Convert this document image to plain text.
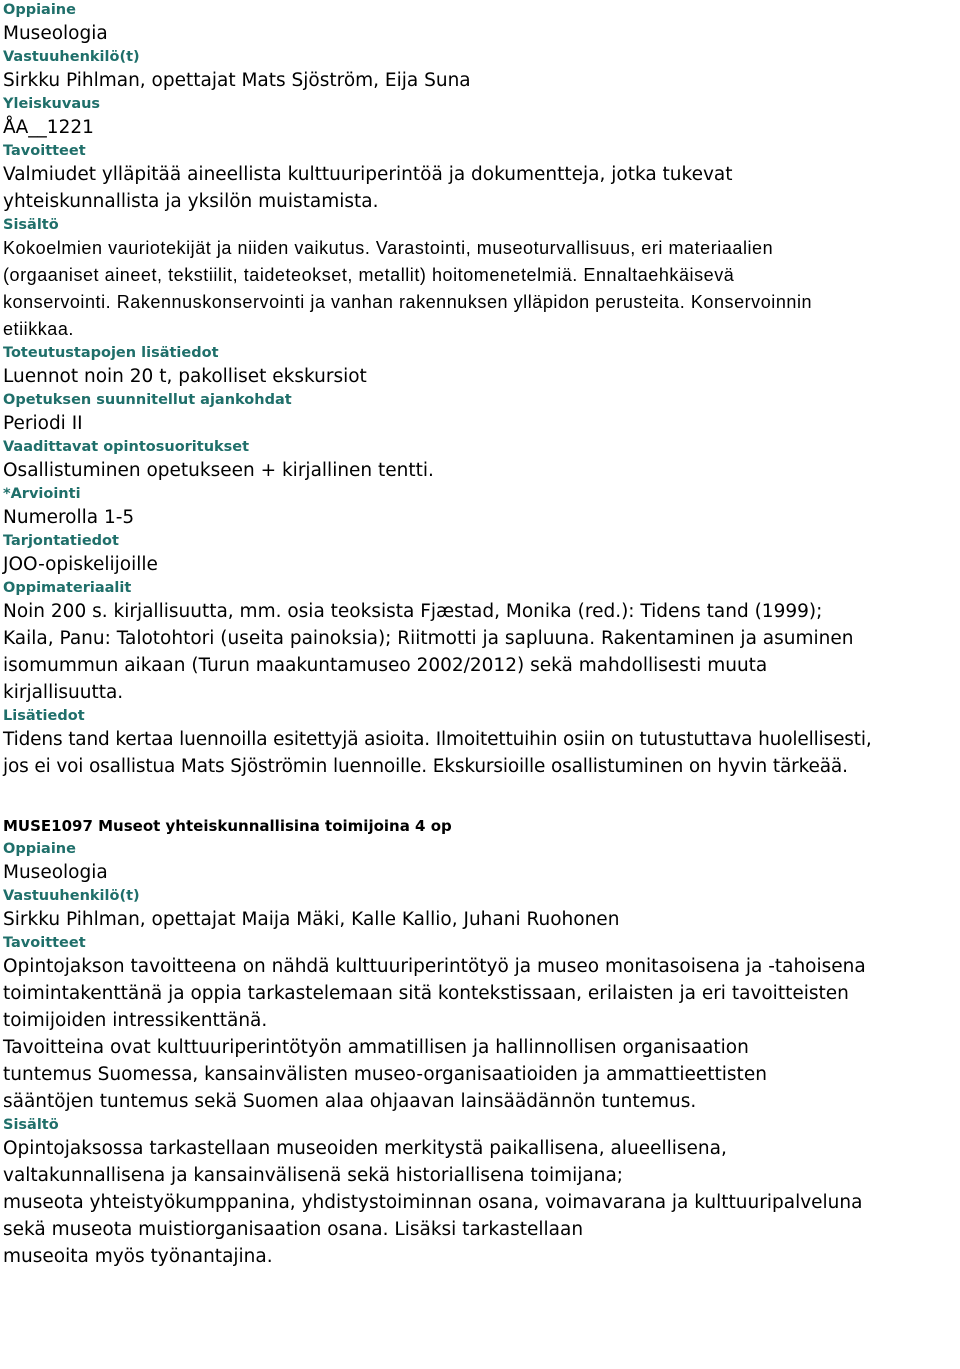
Oppiaine
Museologia
Vastuuhenkilö(t)
Sirkku Pihlman, opettajat Mats Sjöström, Eija Suna
Yleiskuvaus
ÅA__1221
Tavoitteet
Valmiudet ylläpitää aineellista kulttuuriperintöä ja dokumentteja, jotka tukevat
yhteiskunnallista ja yksilön muistamista.
Sisältö
Kokoelmien vauriotekijät ja niiden vaikutus. Varastointi, museoturvallisuus, eri materiaalien
(orgaaniset aineet, tekstiilit, taideteokset, metallit) hoitomenetelmiä. Ennaltaehkäisevä
konservointi. Rakennuskonservointi ja vanhan rakennuksen ylläpidon perusteita. Konservoinnin
etiikkaa.
Toteutustapojen lisätiedot
Luennot noin 20 t, pakolliset ekskursiot
Opetuksen suunnitellut ajankohdat
Periodi II
Vaadittavat opintosuoritukset
Osallistuminen opetukseen + kirjallinen tentti.
*Arviointi
Numerolla 1-5
Tarjontatiedot
JOO-opiskelijoille
Oppimateriaalit
Noin 200 s. kirjallisuutta, mm. osia teoksista Fjæstad, Monika (red.): Tidens tand (1999);
Kaila, Panu: Talotohtori (useita painoksia); Riitmotti ja sapluuna. Rakentaminen ja asuminen
isomummun aikaan (Turun maakuntamuseo 2002/2012) sekä mahdollisesti muuta
kirjallisuutta.
Lisätiedot
Tidens tand kertaa luennoilla esitettyjä asioita. Ilmoitettuihin osiin on tutustuttava huolellisesti,
jos ei voi osallistua Mats Sjöströmin luennoille. Ekskursioille osallistuminen on hyvin tärkeää.
MUSE1097 Museot yhteiskunnallisina toimijoina 4 op
Oppiaine
Museologia
Vastuuhenkilö(t)
Sirkku Pihlman, opettajat Maija Mäki, Kalle Kallio, Juhani Ruohonen
Tavoitteet
Opintojakson tavoitteena on nähdä kulttuuriperintötyö ja museo monitasoisena ja -tahoisena
toimintakenttänä ja oppia tarkastelemaan sitä kontekstissaan, erilaisten ja eri tavoitteisten
toimijoiden intressikenttänä.
Tavoitteina ovat kulttuuriperintötyön ammatillisen ja hallinnollisen organisaation
tuntemus Suomessa, kansainvälisten museo-organisaatioiden ja ammattieettisten
sääntöjen tuntemus sekä Suomen alaa ohjaavan lainsäädännön tuntemus.
Sisältö
Opintojaksossa tarkastellaan museoiden merkitystä paikallisena, alueellisena,
valtakunnallisena ja kansainvälisenä sekä historiallisena toimijana;
museota yhteistyökumppanina, yhdistystoiminnan osana, voimavarana ja kulttuuripalveluna
sekä museota muistiorganisaation osana. Lisäksi tarkastellaan
museoita myös työnantajina.
